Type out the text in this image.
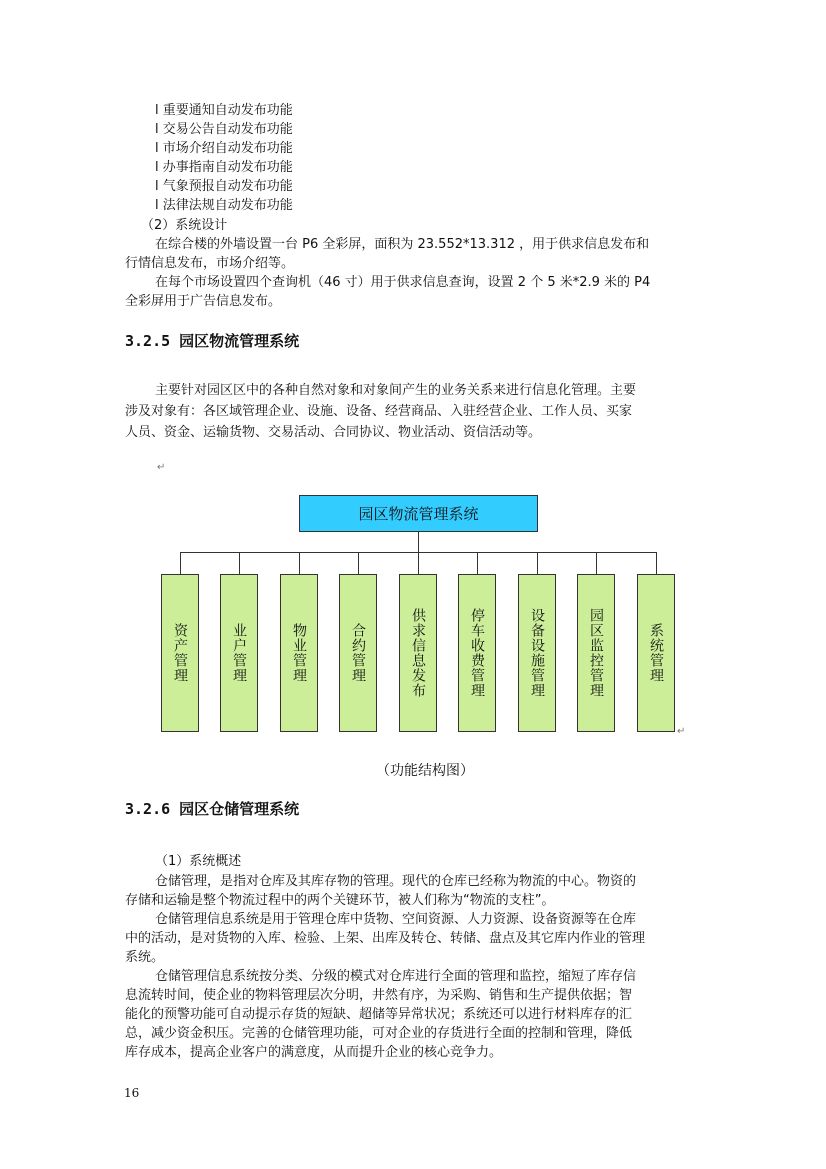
l 重要通知自动发布功能
l 交易公告自动发布功能
l 市场介绍自动发布功能
l 办事指南自动发布功能
l 气象预报自动发布功能
l 法律法规自动发布功能
（2）系统设计
在综合楼的外墙设置一台 P6 全彩屏，面积为 23.552*13.312 ，用于供求信息发布和
行情信息发布，市场介绍等。
在每个市场设置四个查询机（46 寸）用于供求信息查询，设置 2 个 5 米*2.9 米的 P4
全彩屏用于广告信息发布。
3.2.5 园区物流管理系统
主要针对园区区中的各种自然对象和对象间产生的业务关系来进行信息化管理。主要
涉及对象有：各区域管理企业、设施、设备、经营商品、入驻经营企业、工作人员、买家
人员、资金、运输货物、交易活动、合同协议、物业活动、资信活动等。
↵
园区物流管理系统
资产管理	业户管理	物业管理	合约管理	供求信息发布	停车收费管理	设备设施管理	园区监控管理	系统管理
↵
（功能结构图）
3.2.6 园区仓储管理系统
（1）系统概述
仓储管理，是指对仓库及其库存物的管理。现代的仓库已经称为物流的中心。物资的
存储和运输是整个物流过程中的两个关键环节，被人们称为“物流的支柱”。
仓储管理信息系统是用于管理仓库中货物、空间资源、人力资源、设备资源等在仓库
中的活动，是对货物的入库、检验、上架、出库及转仓、转储、盘点及其它库内作业的管理
系统。
仓储管理信息系统按分类、分级的模式对仓库进行全面的管理和监控，缩短了库存信
息流转时间，使企业的物料管理层次分明，井然有序，为采购、销售和生产提供依据；智
能化的预警功能可自动提示存货的短缺、超储等异常状况；系统还可以进行材料库存的汇
总，减少资金积压。完善的仓储管理功能，可对企业的存货进行全面的控制和管理，降低
库存成本，提高企业客户的满意度，从而提升企业的核心竞争力。
16
